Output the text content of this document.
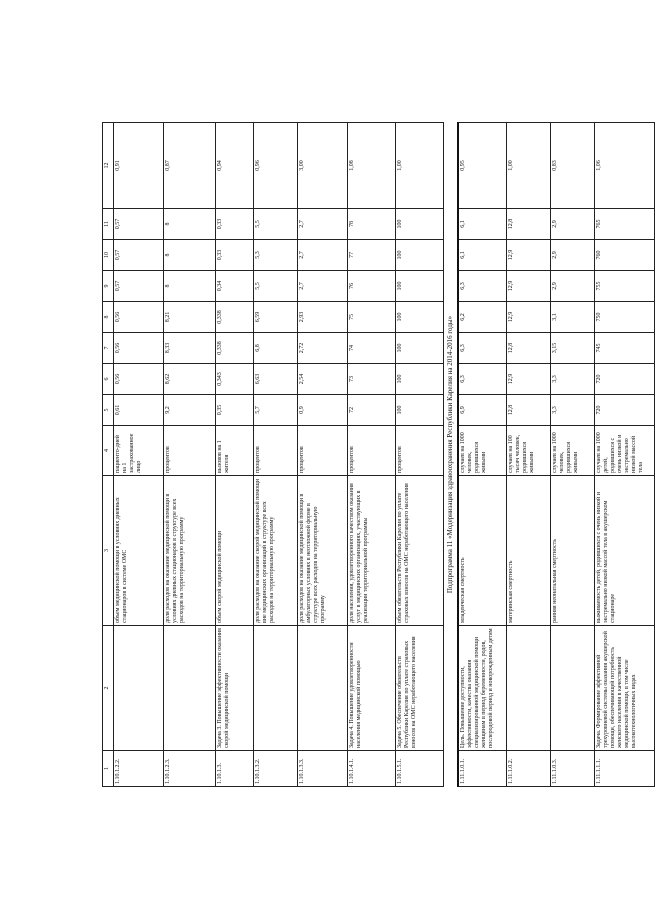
1	2	3	4	5	6	7	8	9	10	11	12
1.10.1.2.2.		объем медицинской помощи в условиях дневных стационаров в системе ОМС	пациенто-дней на 1 застрахованное лицо	0,61	0,56	0,56	0,56	0,57	0,57	0,57	0,91
1.10.1.2.3.		доля расходов на оказание медицинской помощи в условиях дневных стационаров в структуре всех расходов на территориальную программу	процентов	9,2	8,62	8,33	8,21	8	8	8	0,87
1.10.1.3.	Задача 3. Повышение эффективности оказания скорой медицинской помощи	объем скорой медицинской помощи	вызовов на 1 жителя	0,35	0,343	0,338	0,338	0,34	0,33	0,33	0,94
1.10.1.3.2.		доля расходов на оказание скорой медицинской помощи вне медицинских организаций в структуре всех расходов на территориальную программу	процентов	5,7	6,63	6,8	6,59	5,5	5,3	5,5	0,96
1.10.1.3.3.		доля расходов на оказание медицинской помощи в амбулаторных условиях в неотложной форме в структуре всех расходов на территориальную программу	процентов	0,9	2,54	2,72	2,93	2,7	2,7	2,7	3,00
1.10.1.4.1.	Задача 4. Повышение удовлетворенности населения медицинской помощью	доля населения, удовлетворенного качеством оказания услуг в медицинских организациях, участвующих в реализации территориальной программы	процентов	72	73	74	75	76	77	78	1,08
1.10.1.5.1.	Задача 5. Обеспечение обязательств Республики Карелия по уплате страховых взносов на ОМС неработающего населения	объем обязательств Республики Карелия по уплате страховых взносов на ОМС неработающего населения	процентов	100	100	100	100	100	100	100	1,00
Подпрограмма 11 «Модернизация здравоохранения Республики Карелия на 2014-2016 годы»											
1.11.1.0.1.	Цель. Повышение доступности, эффективности, качества оказания специализированной медицинской помощи женщинам в период беременности, родов, послеродовой период и новорожденным детям	младенческая смертность	случаев на 1000 человек, родившихся живыми	6,9	6,3	6,3	6,2	6,3	6,1	6,1	0,95
1.11.1.0.2.		материнская смертность	случаев на 100 тысяч человек, родившихся живыми	12,8	12,9	12,8	12,9	12,9	12,9	12,8	1,00
1.11.1.0.3.		ранняя неонатальная смертность	случаев на 1000 человек, родившихся живыми	3,3	3,3	3,15	3,1	2,9	2,9	2,9	0,83
1.11.1.1.1.	Задача. Формирование эффективной трехуровневой системы оказания акушерской помощи, обеспечивающей потребность женского населения в качественной медицинской помощи, в том числе высокотехнологичных видах	выживаемость детей, родившихся с очень низкой и экстремально низкой массой тела в акушерском стационаре	случаев на 1000 детей, родившихся с очень низкой и экстремально низкой массой тела	720	720	745	750	755	760	765	1,06
